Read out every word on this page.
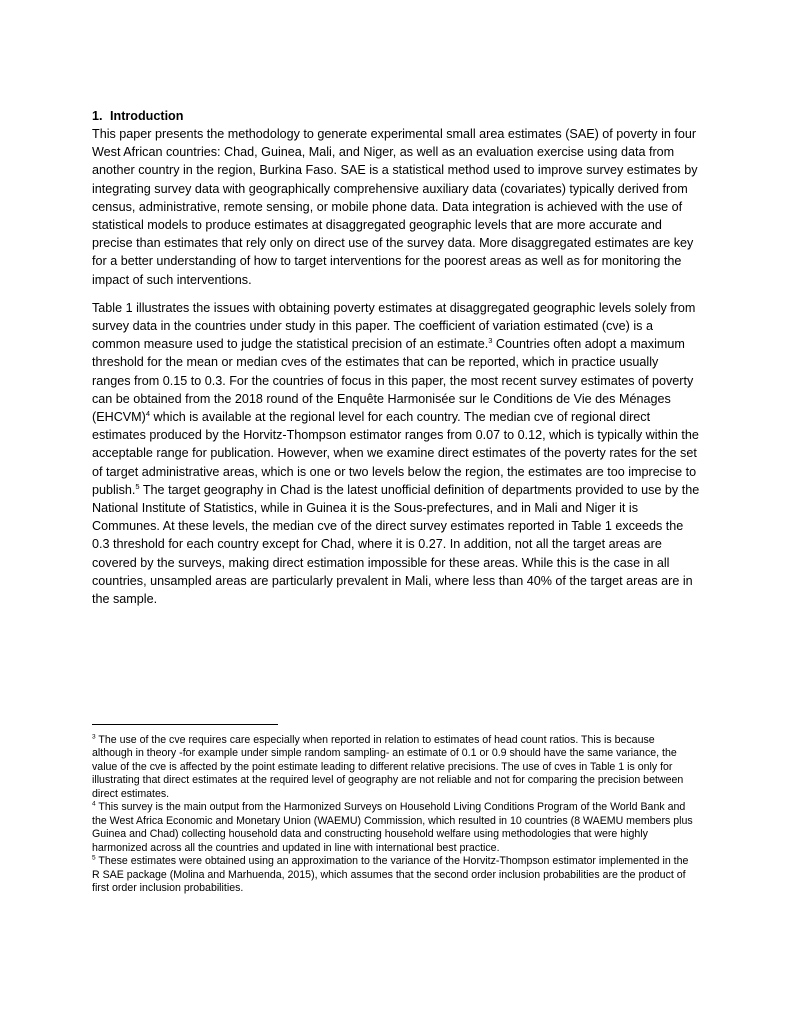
1. Introduction

This paper presents the methodology to generate experimental small area estimates (SAE) of poverty in four West African countries: Chad, Guinea, Mali, and Niger, as well as an evaluation exercise using data from another country in the region, Burkina Faso. SAE is a statistical method used to improve survey estimates by integrating survey data with geographically comprehensive auxiliary data (covariates) typically derived from census, administrative, remote sensing, or mobile phone data. Data integration is achieved with the use of statistical models to produce estimates at disaggregated geographic levels that are more accurate and precise than estimates that rely only on direct use of the survey data. More disaggregated estimates are key for a better understanding of how to target interventions for the poorest areas as well as for monitoring the impact of such interventions.

Table 1 illustrates the issues with obtaining poverty estimates at disaggregated geographic levels solely from survey data in the countries under study in this paper. The coefficient of variation estimated (cve) is a common measure used to judge the statistical precision of an estimate.$^3$ Countries often adopt a maximum threshold for the mean or median cves of the estimates that can be reported, which in practice usually ranges from 0.15 to 0.3. For the countries of focus in this paper, the most recent survey estimates of poverty can be obtained from the 2018 round of the Enquête Harmonisée sur le Conditions de Vie des Ménages (EHCVM)$^4$ which is available at the regional level for each country. The median cve of regional direct estimates produced by the Horvitz-Thompson estimator ranges from 0.07 to 0.12, which is typically within the acceptable range for publication. However, when we examine direct estimates of the poverty rates for the set of target administrative areas, which is one or two levels below the region, the estimates are too imprecise to publish.$^5$ The target geography in Chad is the latest unofficial definition of departments provided to use by the National Institute of Statistics, while in Guinea it is the Sous-prefectures, and in Mali and Niger it is Communes. At these levels, the median cve of the direct survey estimates reported in Table 1 exceeds the 0.3 threshold for each country except for Chad, where it is 0.27. In addition, not all the target areas are covered by the surveys, making direct estimation impossible for these areas. While this is the case in all countries, unsampled areas are particularly prevalent in Mali, where less than 40% of the target areas are in the sample.

$^3$ The use of the cve requires care especially when reported in relation to estimates of head count ratios. This is because although in theory -for example under simple random sampling- an estimate of 0.1 or 0.9 should have the same variance, the value of the cve is affected by the point estimate leading to different relative precisions. The use of cves in Table 1 is only for illustrating that direct estimates at the required level of geography are not reliable and not for comparing the precision between direct estimates.

$^4$ This survey is the main output from the Harmonized Surveys on Household Living Conditions Program of the World Bank and the West Africa Economic and Monetary Union (WAEMU) Commission, which resulted in 10 countries (8 WAEMU members plus Guinea and Chad) collecting household data and constructing household welfare using methodologies that were highly harmonized across all the countries and updated in line with international best practice.

$^5$ These estimates were obtained using an approximation to the variance of the Horvitz-Thompson estimator implemented in the R SAE package (Molina and Marhuenda, 2015), which assumes that the second order inclusion probabilities are the product of first order inclusion probabilities.
